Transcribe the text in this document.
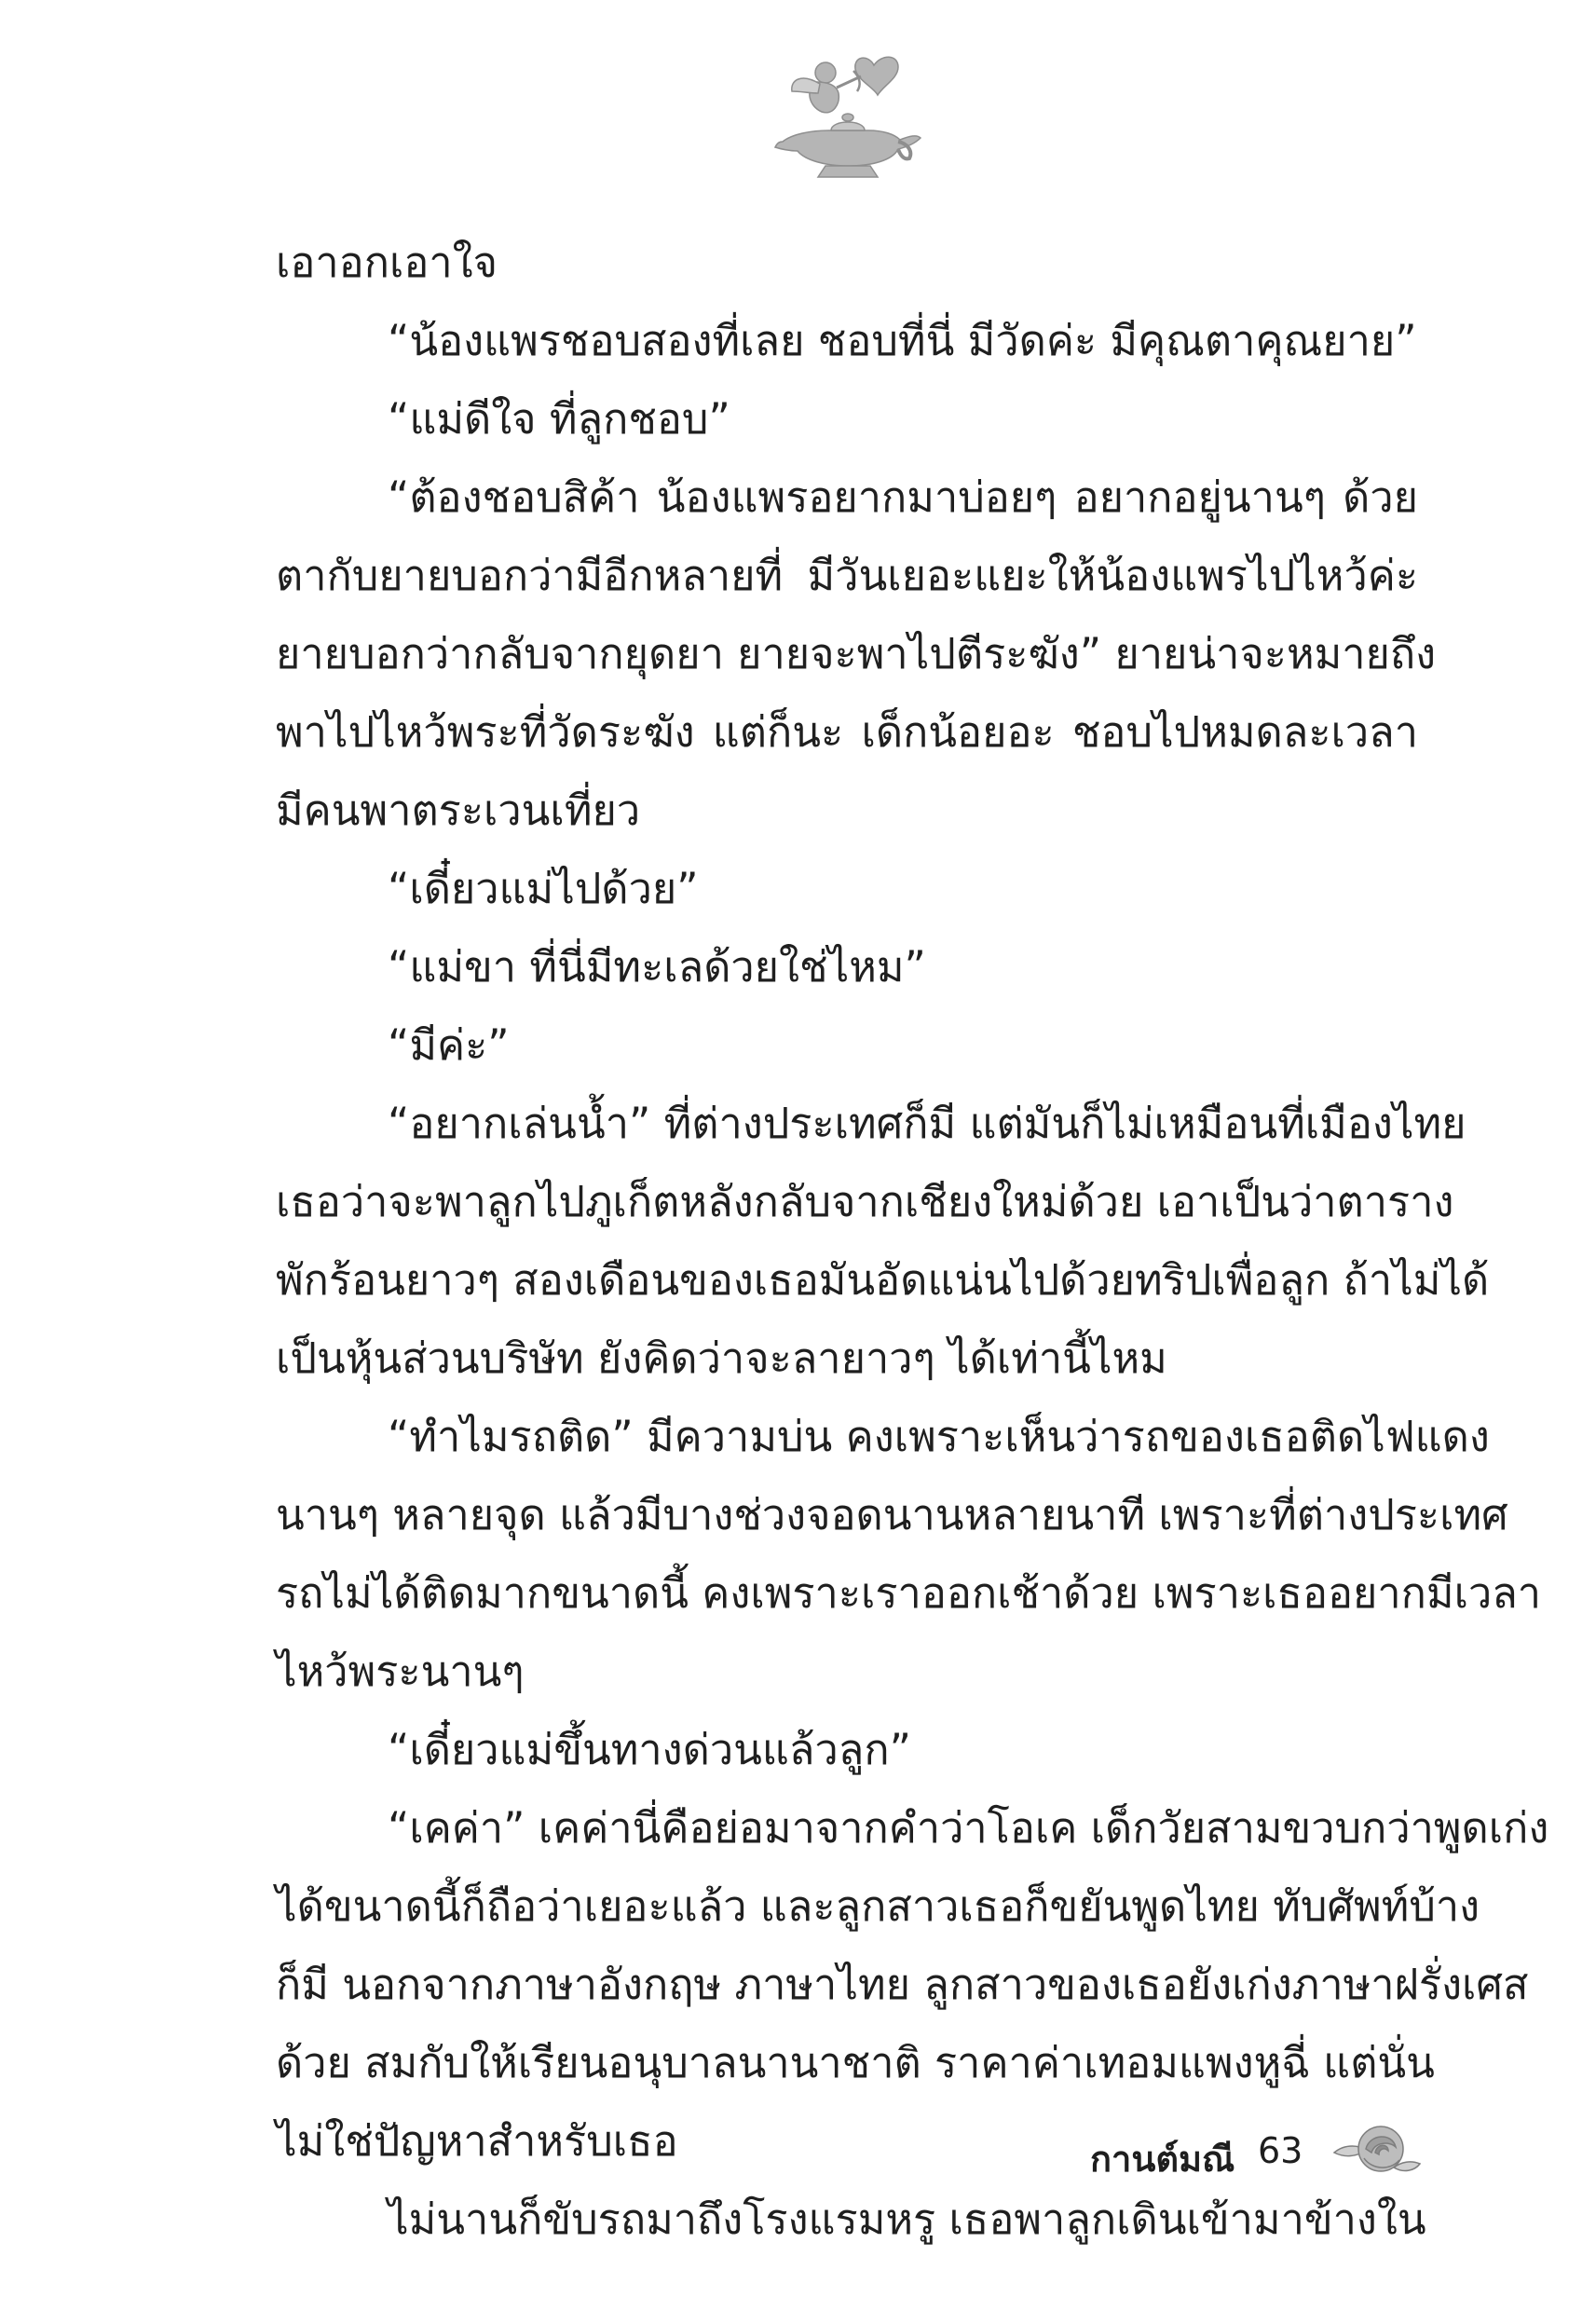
เอาอกเอาใจ
“น้องแพรชอบสองที่เลย ชอบที่นี่ มีวัดค่ะ มีคุณตาคุณยาย”
“แม่ดีใจ ที่ลูกชอบ”
“ต้องชอบสิค้า น้องแพรอยากมาบ่อยๆ อยากอยู่นานๆ ด้วย
ตากับยายบอกว่ามีอีกหลายที่ มีวันเยอะแยะให้น้องแพรไปไหว้ค่ะ
ยายบอกว่ากลับจากยุดยา ยายจะพาไปตีระฆัง” ยายน่าจะหมายถึง
พาไปไหว้พระที่วัดระฆัง แต่ก็นะ เด็กน้อยอะ ชอบไปหมดละเวลา
มีคนพาตระเวนเที่ยว
“เดี๋ยวแม่ไปด้วย”
“แม่ขา ที่นี่มีทะเลด้วยใช่ไหม”
“มีค่ะ”
“อยากเล่นน้ำ” ที่ต่างประเทศก็มี แต่มันก็ไม่เหมือนที่เมืองไทย
เธอว่าจะพาลูกไปภูเก็ตหลังกลับจากเชียงใหม่ด้วย เอาเป็นว่าตาราง
พักร้อนยาวๆ สองเดือนของเธอมันอัดแน่นไปด้วยทริปเพื่อลูก ถ้าไม่ได้
เป็นหุ้นส่วนบริษัท ยังคิดว่าจะลายาวๆ ได้เท่านี้ไหม
“ทำไมรถติด” มีความบ่น คงเพราะเห็นว่ารถของเธอติดไฟแดง
นานๆ หลายจุด แล้วมีบางช่วงจอดนานหลายนาที เพราะที่ต่างประเทศ
รถไม่ได้ติดมากขนาดนี้ คงเพราะเราออกเช้าด้วย เพราะเธออยากมีเวลา
ไหว้พระนานๆ
“เดี๋ยวแม่ขึ้นทางด่วนแล้วลูก”
“เคค่า” เคค่านี่คือย่อมาจากคำว่าโอเค เด็กวัยสามขวบกว่าพูดเก่ง
ได้ขนาดนี้ก็ถือว่าเยอะแล้ว และลูกสาวเธอก็ขยันพูดไทย ทับศัพท์บ้าง
ก็มี นอกจากภาษาอังกฤษ ภาษาไทย ลูกสาวของเธอยังเก่งภาษาฝรั่งเศส
ด้วย สมกับให้เรียนอนุบาลนานาชาติ ราคาค่าเทอมแพงหูฉี่ แต่นั่น
ไม่ใช่ปัญหาสำหรับเธอ
ไม่นานก็ขับรถมาถึงโรงแรมหรู เธอพาลูกเดินเข้ามาข้างใน
กานต์มณี 63
